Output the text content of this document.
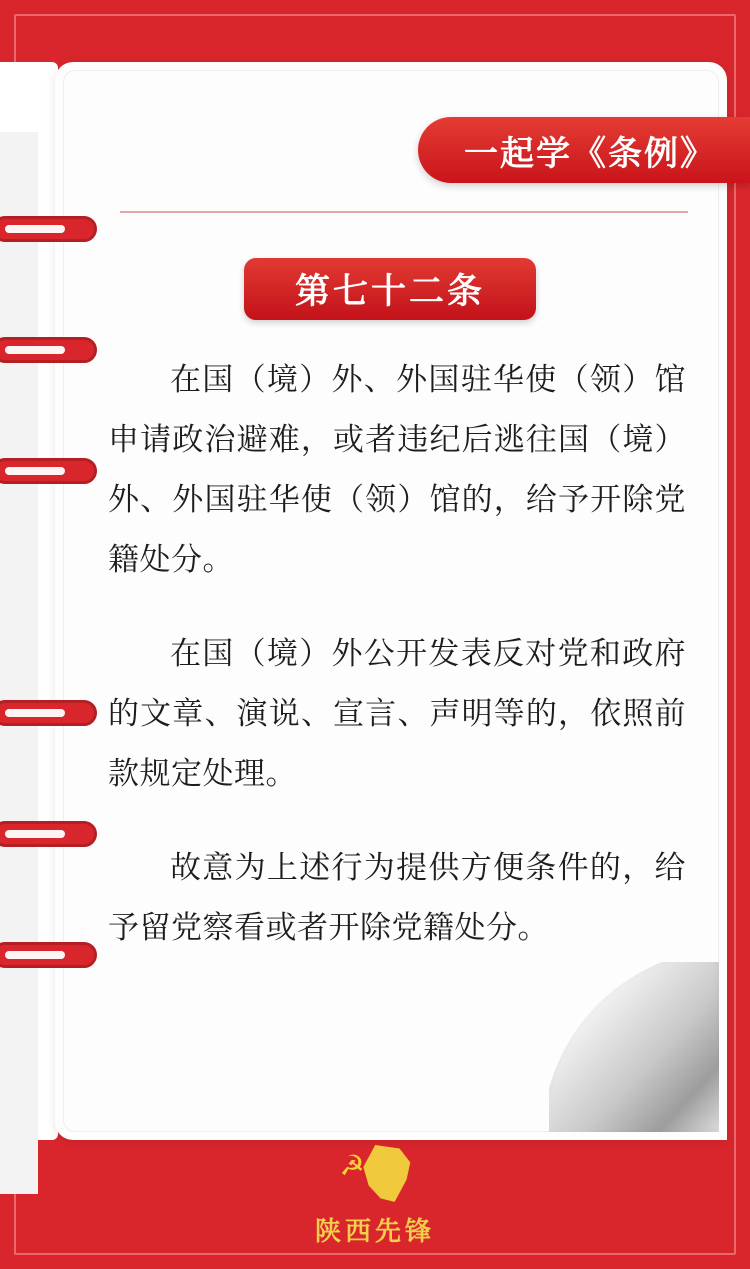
一起学《条例》
第七十二条

在国（境）外、外国驻华使（领）馆申请政治避难，或者违纪后逃往国（境）外、外国驻华使（领）馆的，给予开除党籍处分。

在国（境）外公开发表反对党和政府的文章、演说、宣言、声明等的，依照前款规定处理。

故意为上述行为提供方便条件的，给予留党察看或者开除党籍处分。

☭
陕西先锋
